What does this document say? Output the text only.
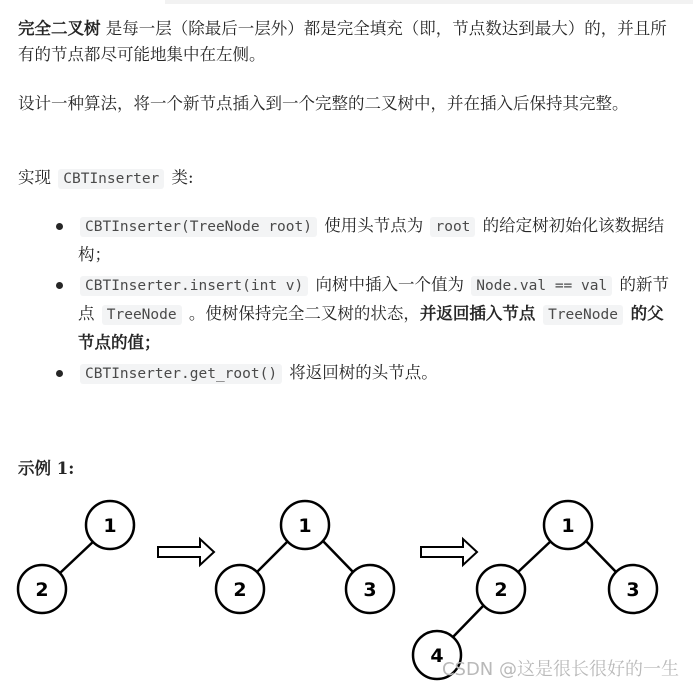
完全二叉树 是每一层（除最后一层外）都是完全填充（即，节点数达到最大）的，并且所有的节点都尽可能地集中在左侧。

设计一种算法，将一个新节点插入到一个完整的二叉树中，并在插入后保持其完整。

实现 CBTInserter 类:

CBTInserter(TreeNode root) 使用头节点为 root 的给定树初始化该数据结构；
CBTInserter.insert(int v) 向树中插入一个值为 Node.val == val 的新节点 TreeNode 。使树保持完全二叉树的状态，并返回插入节点 TreeNode 的父节点的值；
CBTInserter.get_root() 将返回树的头节点。
示例 1:
1
2
1
2	3
1
2	3
4
CSDN @这是很长很好的一生
